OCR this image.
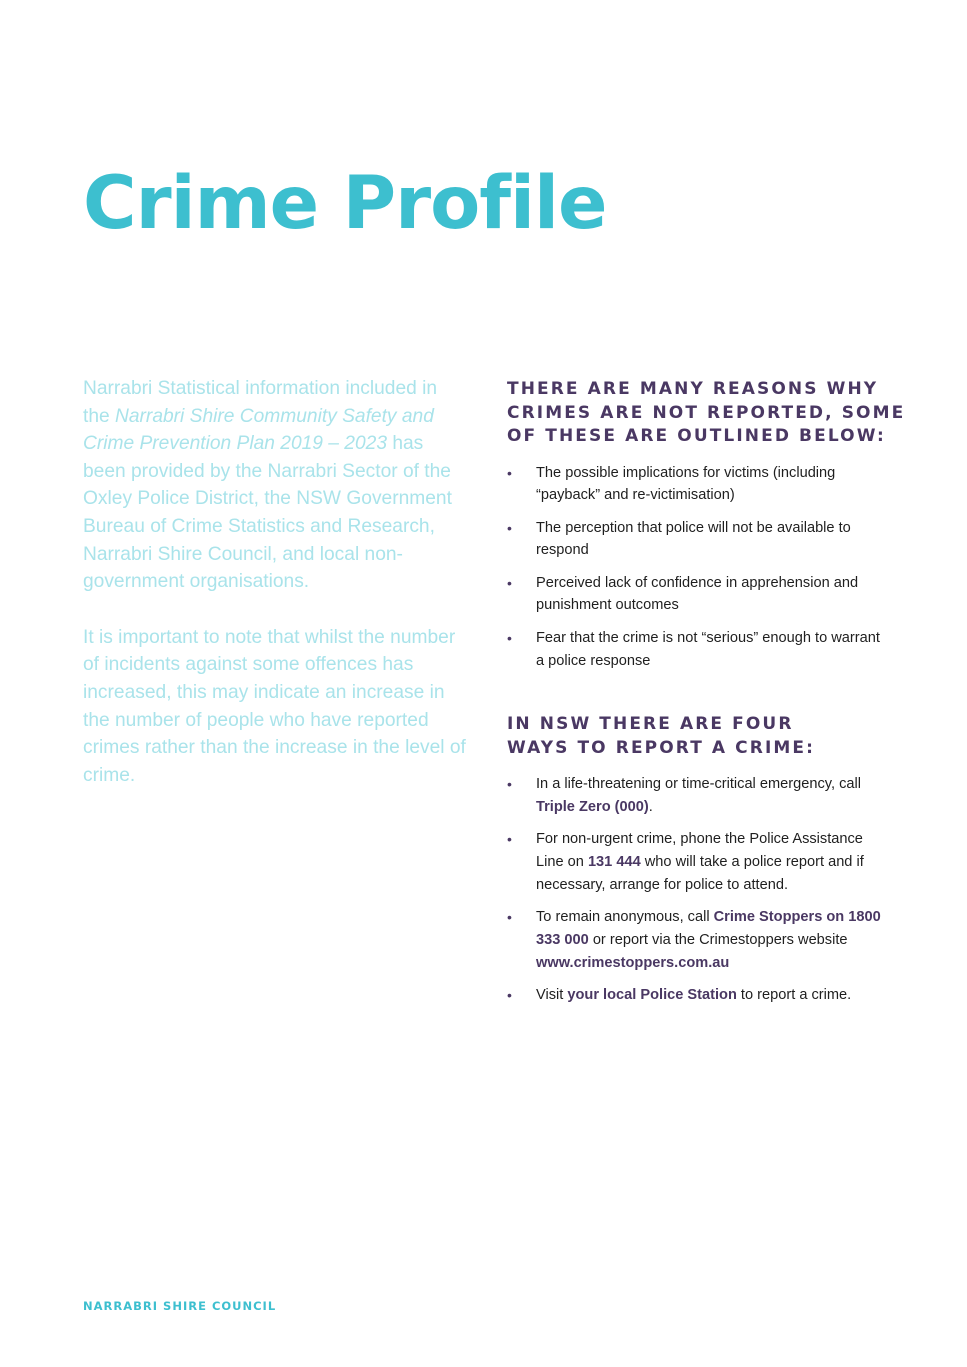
Crime Profile

Narrabri Statistical information included in the Narrabri Shire Community Safety and Crime Prevention Plan 2019 – 2023 has been provided by the Narrabri Sector of the Oxley Police District, the NSW Government Bureau of Crime Statistics and Research, Narrabri Shire Council, and local non-government organisations.

It is important to note that whilst the number of incidents against some offences has increased, this may indicate an increase in the number of people who have reported crimes rather than the increase in the level of crime.

THERE ARE MANY REASONS WHY
CRIMES ARE NOT REPORTED, SOME
OF THESE ARE OUTLINED BELOW:
• The possible implications for victims (including “payback” and re-victimisation)
• The perception that police will not be available to respond
• Perceived lack of confidence in apprehension and punishment outcomes
• Fear that the crime is not “serious” enough to warrant a police response
IN NSW THERE ARE FOUR
WAYS TO REPORT A CRIME:
• In a life-threatening or time-critical emergency, call Triple Zero (000).
• For non-urgent crime, phone the Police Assistance Line on 131 444 who will take a police report and if necessary, arrange for police to attend.
• To remain anonymous, call Crime Stoppers on 1800 333 000 or report via the Crimestoppers website www.crimestoppers.com.au
• Visit your local Police Station to report a crime.
NARRABRI SHIRE COUNCIL
